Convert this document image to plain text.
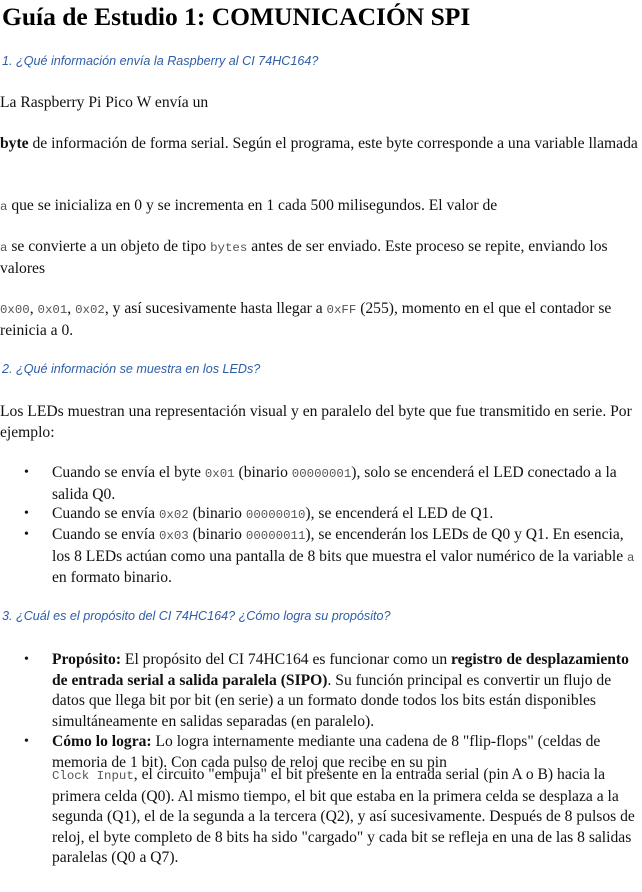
Guía de Estudio 1: COMUNICACIÓN SPI
1. ¿Qué información envía la Raspberry al CI 74HC164?

La Raspberry Pi Pico W envía un

byte de información de forma serial. Según el programa, este byte corresponde a una variable llamada

a que se inicializa en 0 y se incrementa en 1 cada 500 milisegundos. El valor de

a se convierte a un objeto de tipo bytes antes de ser enviado. Este proceso se repite, enviando los valores

0x00, 0x01, 0x02, y así sucesivamente hasta llegar a 0xFF (255), momento en el que el contador se reinicia a 0.

2. ¿Qué información se muestra en los LEDs?

Los LEDs muestran una representación visual y en paralelo del byte que fue transmitido en serie. Por ejemplo:

• Cuando se envía el byte 0x01 (binario 00000001), solo se encenderá el LED conectado a la salida Q0.

• Cuando se envía 0x02 (binario 00000010), se encenderá el LED de Q1.

• Cuando se envía 0x03 (binario 00000011), se encenderán los LEDs de Q0 y Q1. En esencia, los 8 LEDs actúan como una pantalla de 8 bits que muestra el valor numérico de la variable a en formato binario.

3. ¿Cuál es el propósito del CI 74HC164? ¿Cómo logra su propósito?
• Propósito: El propósito del CI 74HC164 es funcionar como un registro de desplazamiento de entrada serial a salida paralela (SIPO). Su función principal es convertir un flujo de datos que llega bit por bit (en serie) a un formato donde todos los bits están disponibles simultáneamente en salidas separadas (en paralelo).

• Cómo lo logra: Lo logra internamente mediante una cadena de 8 "flip-flops" (celdas de memoria de 1 bit). Con cada pulso de reloj que recibe en su pin

Clock Input, el circuito "empuja" el bit presente en la entrada serial (pin A o B) hacia la primera celda (Q0). Al mismo tiempo, el bit que estaba en la primera celda se desplaza a la segunda (Q1), el de la segunda a la tercera (Q2), y así sucesivamente. Después de 8 pulsos de reloj, el byte completo de 8 bits ha sido "cargado" y cada bit se refleja en una de las 8 salidas paralelas (Q0 a Q7).
